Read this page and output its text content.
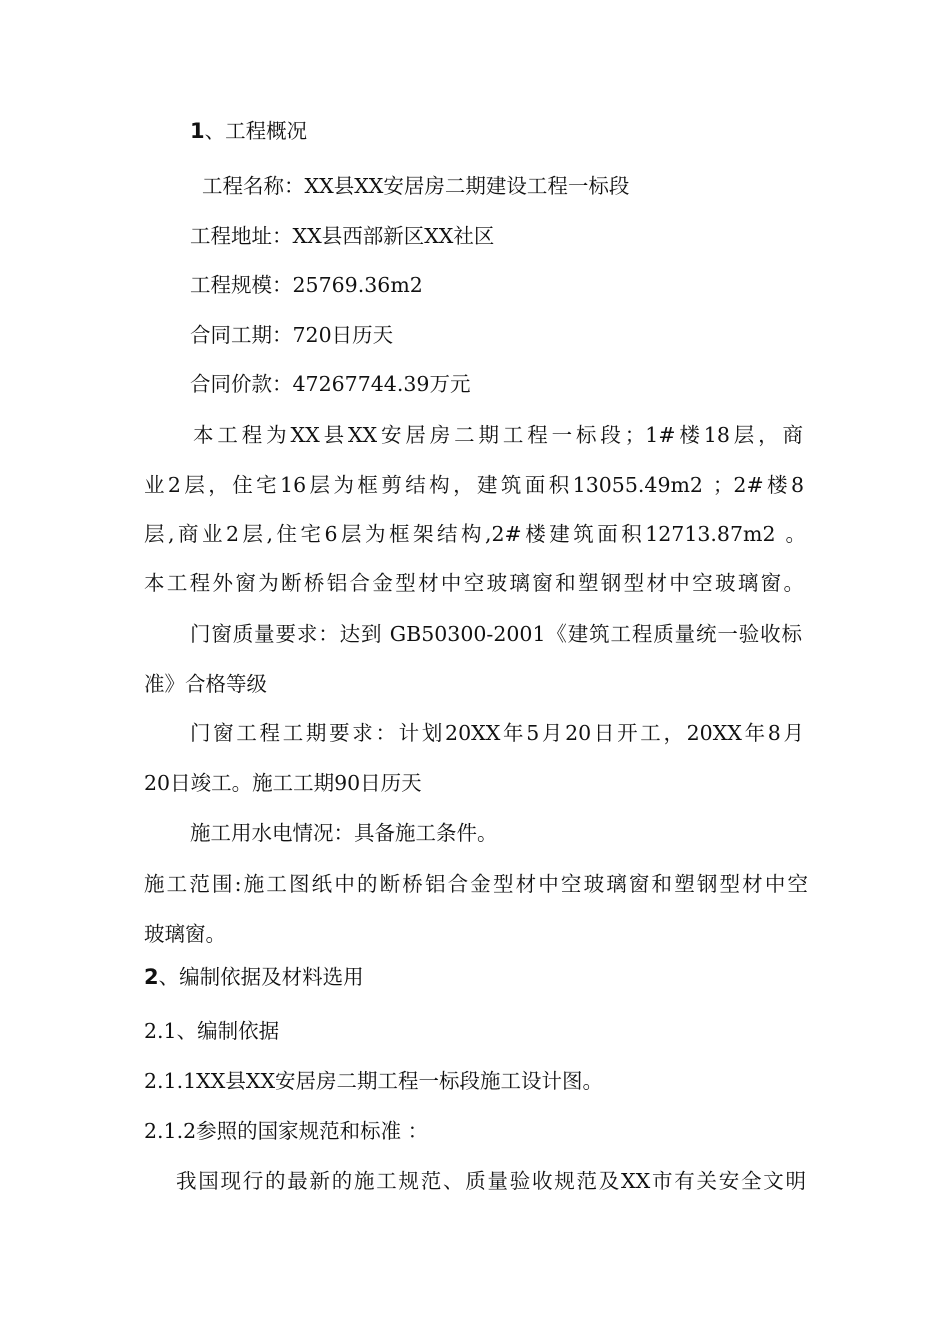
1、工程概况
工程名称：XX县XX安居房二期建设工程一标段
工程地址：XX县西部新区XX社区
工程规模：25769.36m2
合同工期：720日历天
合同价款：47267744.39万元
本工程为XX县XX安居房二期工程一标段；1#楼18层，商
业2层，住宅16层为框剪结构，建筑面积13055.49m2 ；2#楼8
层,商业2层,住宅6层为框架结构,2#楼建筑面积12713.87m2 。
本工程外窗为断桥铝合金型材中空玻璃窗和塑钢型材中空玻璃窗。
门窗质量要求：达到 GB50300-2001《建筑工程质量统一验收标
准》合格等级
门窗工程工期要求：计划20XX年5月20日开工，20XX年8月
20日竣工。施工工期90日历天
施工用水电情况：具备施工条件。
施工范围:施工图纸中的断桥铝合金型材中空玻璃窗和塑钢型材中空
玻璃窗。
2、编制依据及材料选用
2.1、编制依据
2.1.1XX县XX安居房二期工程一标段施工设计图。
2.1.2参照的国家规范和标准 ：
我国现行的最新的施工规范、质量验收规范及XX市有关安全文明
